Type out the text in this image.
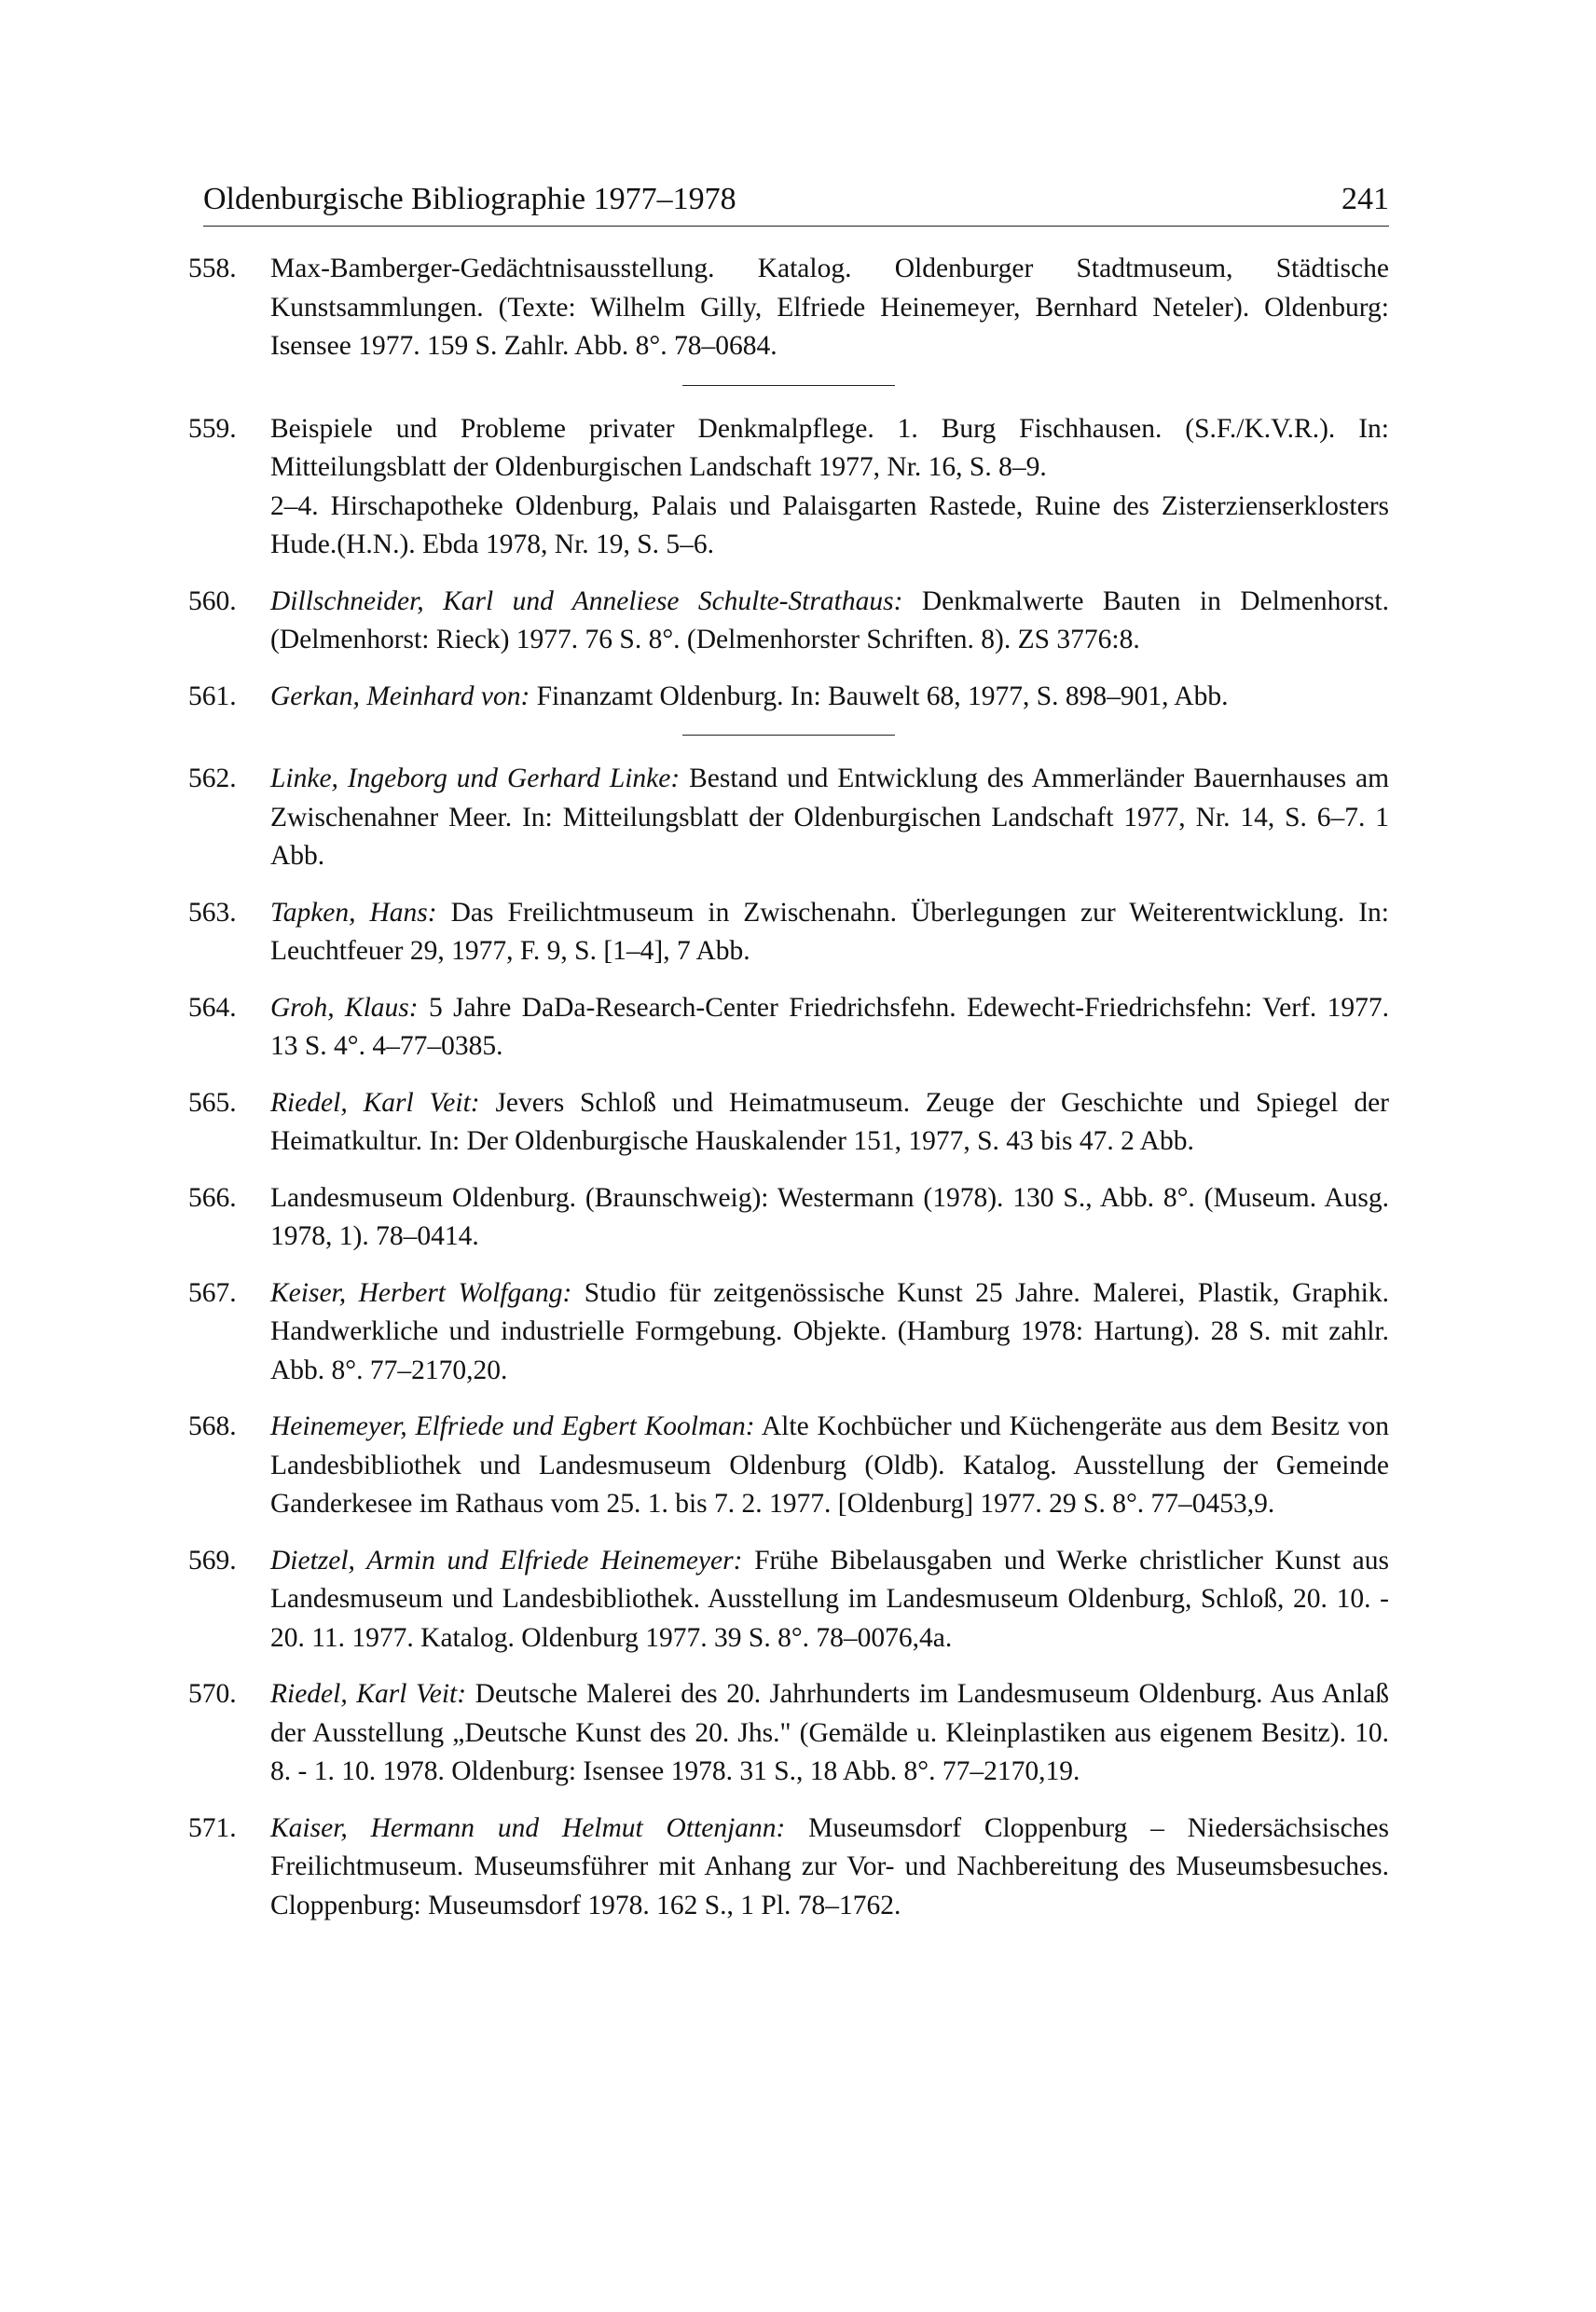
Oldenburgische Bibliographie 1977–1978	241
558.	Max-Bamberger-Gedächtnisausstellung. Katalog. Oldenburger Stadtmuseum, Städtische Kunstsammlungen. (Texte: Wilhelm Gilly, Elfriede Heinemeyer, Bernhard Neteler). Oldenburg: Isensee 1977. 159 S. Zahlr. Abb. 8°. 78–0684.
559.	Beispiele und Probleme privater Denkmalpflege. 1. Burg Fischhausen. (S.F./K.V.R.). In: Mitteilungsblatt der Oldenburgischen Landschaft 1977, Nr. 16, S. 8–9.
2–4. Hirschapotheke Oldenburg, Palais und Palaisgarten Rastede, Ruine des Zisterzienserklosters Hude.(H.N.). Ebda 1978, Nr. 19, S. 5–6.
560.	Dillschneider, Karl und Anneliese Schulte-Strathaus: Denkmalwerte Bauten in Delmenhorst. (Delmenhorst: Rieck) 1977. 76 S. 8°. (Delmenhorster Schriften. 8). ZS 3776:8.
561.	Gerkan, Meinhard von: Finanzamt Oldenburg. In: Bauwelt 68, 1977, S. 898–901, Abb.
562.	Linke, Ingeborg und Gerhard Linke: Bestand und Entwicklung des Ammerländer Bauernhauses am Zwischenahner Meer. In: Mitteilungsblatt der Oldenburgischen Landschaft 1977, Nr. 14, S. 6–7. 1 Abb.
563.	Tapken, Hans: Das Freilichtmuseum in Zwischenahn. Überlegungen zur Weiterentwicklung. In: Leuchtfeuer 29, 1977, F. 9, S. [1–4], 7 Abb.
564.	Groh, Klaus: 5 Jahre DaDa-Research-Center Friedrichsfehn. Edewecht-Friedrichsfehn: Verf. 1977. 13 S. 4°. 4–77–0385.
565.	Riedel, Karl Veit: Jevers Schloß und Heimatmuseum. Zeuge der Geschichte und Spiegel der Heimatkultur. In: Der Oldenburgische Hauskalender 151, 1977, S. 43 bis 47. 2 Abb.
566.	Landesmuseum Oldenburg. (Braunschweig): Westermann (1978). 130 S., Abb. 8°. (Museum. Ausg. 1978, 1). 78–0414.
567.	Keiser, Herbert Wolfgang: Studio für zeitgenössische Kunst 25 Jahre. Malerei, Plastik, Graphik. Handwerkliche und industrielle Formgebung. Objekte. (Hamburg 1978: Hartung). 28 S. mit zahlr. Abb. 8°. 77–2170,20.
568.	Heinemeyer, Elfriede und Egbert Koolman: Alte Kochbücher und Küchengeräte aus dem Besitz von Landesbibliothek und Landesmuseum Oldenburg (Oldb). Katalog. Ausstellung der Gemeinde Ganderkesee im Rathaus vom 25. 1. bis 7. 2. 1977. [Oldenburg] 1977. 29 S. 8°. 77–0453,9.
569.	Dietzel, Armin und Elfriede Heinemeyer: Frühe Bibelausgaben und Werke christlicher Kunst aus Landesmuseum und Landesbibliothek. Ausstellung im Landesmuseum Oldenburg, Schloß, 20. 10. - 20. 11. 1977. Katalog. Oldenburg 1977. 39 S. 8°. 78–0076,4a.
570.	Riedel, Karl Veit: Deutsche Malerei des 20. Jahrhunderts im Landesmuseum Oldenburg. Aus Anlaß der Ausstellung „Deutsche Kunst des 20. Jhs." (Gemälde u. Kleinplastiken aus eigenem Besitz). 10. 8. - 1. 10. 1978. Oldenburg: Isensee 1978. 31 S., 18 Abb. 8°. 77–2170,19.
571.	Kaiser, Hermann und Helmut Ottenjann: Museumsdorf Cloppenburg – Niedersächsisches Freilichtmuseum. Museumsführer mit Anhang zur Vor- und Nachbereitung des Museumsbesuches. Cloppenburg: Museumsdorf 1978. 162 S., 1 Pl. 78–1762.
